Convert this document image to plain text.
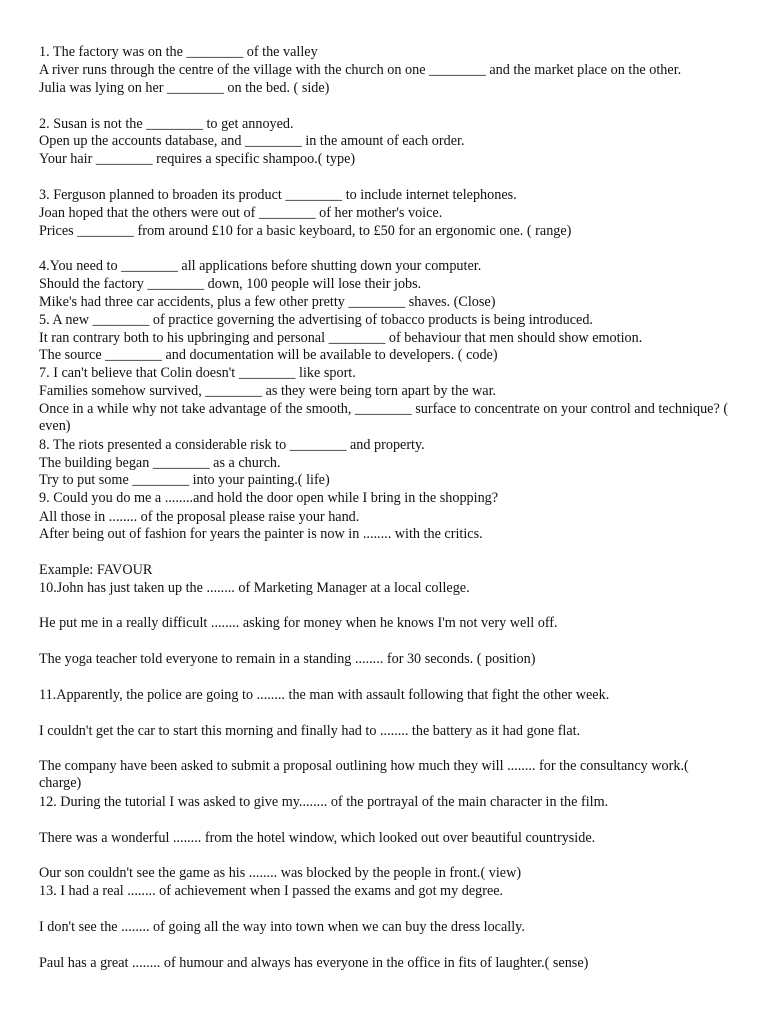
1. The factory was on the ________ of the valley

A river runs through the centre of the village with the church on one ________ and the market place on the other.

Julia was lying on her ________ on the bed. ( side)

2. Susan is not the ________ to get annoyed.

Open up the accounts database, and ________ in the amount of each order.

Your hair ________ requires a specific shampoo.( type)

3. Ferguson planned to broaden its product ________ to include internet telephones.

Joan hoped that the others were out of ________ of her mother's voice.

Prices ________ from around £10 for a basic keyboard, to £50 for an ergonomic one. ( range)

4.You need to ________ all applications before shutting down your computer.

Should the factory ________ down, 100 people will lose their jobs.

Mike's had three car accidents, plus a few other pretty ________ shaves. (Close)

5. A new ________ of practice governing the advertising of tobacco products is being introduced.

It ran contrary both to his upbringing and personal ________ of behaviour that men should show emotion.

The source ________ and documentation will be available to developers. ( code)

7. I can't believe that Colin doesn't ________ like sport.

Families somehow survived, ________ as they were being torn apart by the war.

Once in a while why not take advantage of the smooth, ________ surface to concentrate on your control and technique? ( even)

8. The riots presented a considerable risk to ________ and property.

The building began ________ as a church.

Try to put some ________ into your painting.( life)

9. Could you do me a ........and hold the door open while I bring in the shopping?

All those in ........ of the proposal please raise your hand.

After being out of fashion for years the painter is now in ........ with the critics.

Example: FAVOUR

10.John has just taken up the ........ of Marketing Manager at a local college.

He put me in a really difficult ........ asking for money when he knows I'm not very well off.

The yoga teacher told everyone to remain in a standing ........ for 30 seconds. ( position)

11.Apparently, the police are going to ........ the man with assault following that fight the other week.

I couldn't get the car to start this morning and finally had to ........ the battery as it had gone flat.

The company have been asked to submit a proposal outlining how much they will ........ for the consultancy work.( charge)

12. During the tutorial I was asked to give my........ of the portrayal of the main character in the film.

There was a wonderful ........ from the hotel window, which looked out over beautiful countryside.

Our son couldn't see the game as his ........ was blocked by the people in front.( view)

13. I had a real ........ of achievement when I passed the exams and got my degree.

I don't see the ........ of going all the way into town when we can buy the dress locally.

Paul has a great ........ of humour and always has everyone in the office in fits of laughter.( sense)
